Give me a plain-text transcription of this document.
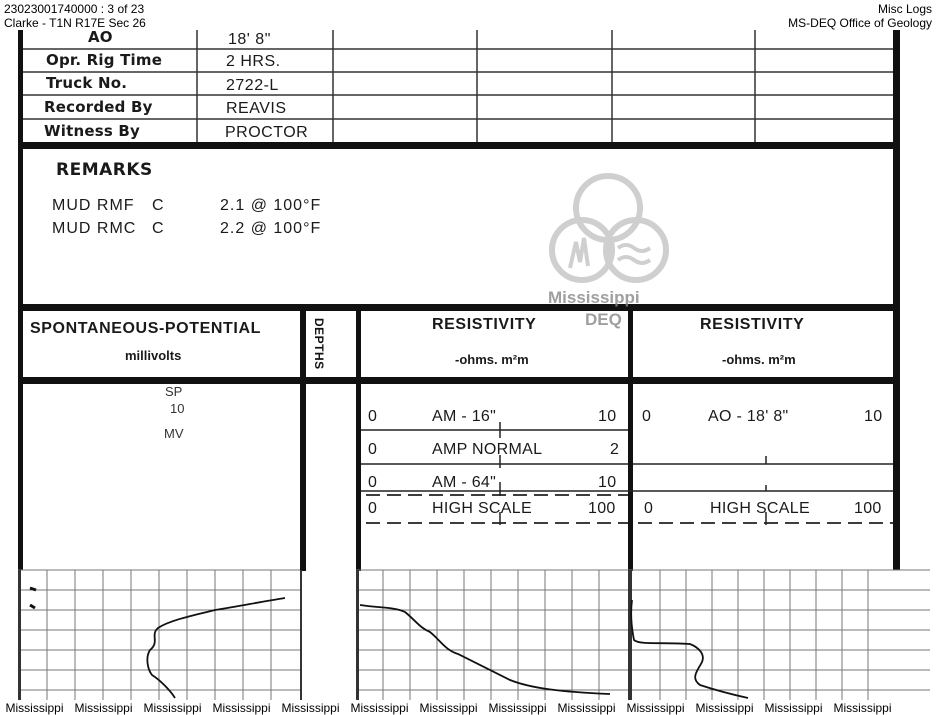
23023001740000 : 3 of 23
Clarke - T1N R17E Sec 26
Misc Logs
MS-DEQ Office of Geology
AO	18' 8"
Opr. Rig Time	2 HRS.
Truck No.	2722-L
Recorded By	REAVIS
Witness By	PROCTOR
REMARKS
MUD RMF C	2.1 @ 100°F
MUD RMC C	2.2 @ 100°F
Mississippi
DEQ
SPONTANEOUS-POTENTIAL
millivolts	DEPTHS	RESISTIVITY
-ohms. m²m
RESISTIVITY
-ohms. m²m
SP
10
MV
0	AM - 16"	10
0	AMP NORMAL	2
0	AM - 64"	10
0	HIGH SCALE	100
0	AO - 18' 8"	10
0	HIGH SCALE	100
Mississippi Mississippi Mississippi Mississippi Mississippi Mississippi Mississippi Mississippi Mississippi Mississippi Mississippi Mississippi Mississippi
